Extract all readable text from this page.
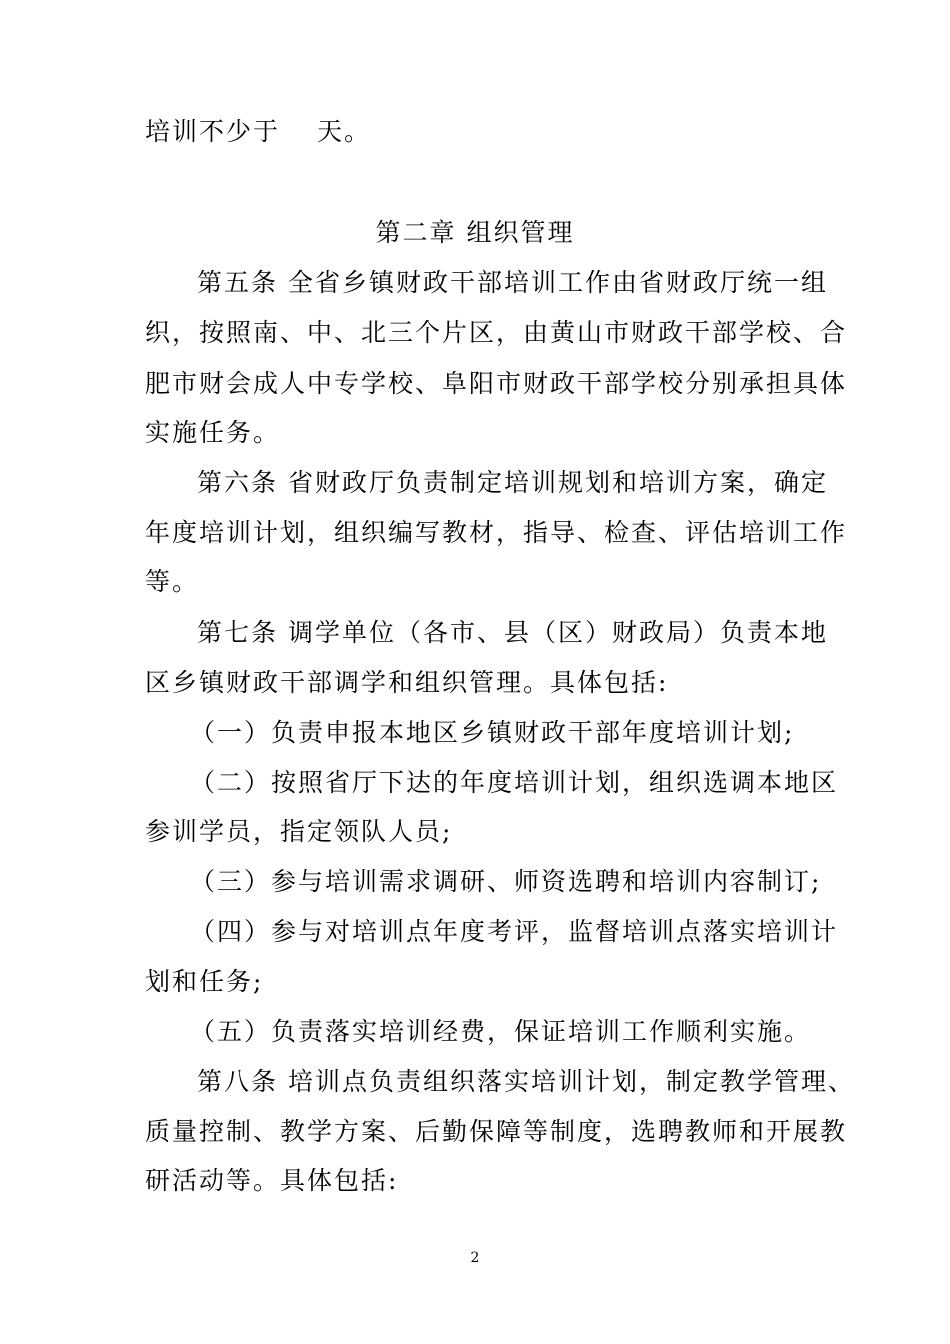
培训不少于　 天。
第二章 组织管理
第五条 全省乡镇财政干部培训工作由省财政厅统一组
织，按照南、中、北三个片区，由黄山市财政干部学校、合
肥市财会成人中专学校、阜阳市财政干部学校分别承担具体
实施任务。
第六条 省财政厅负责制定培训规划和培训方案，确定
年度培训计划，组织编写教材，指导、检查、评估培训工作
等。
第七条 调学单位（各市、县（区）财政局）负责本地
区乡镇财政干部调学和组织管理。具体包括:
（一）负责申报本地区乡镇财政干部年度培训计划;
（二）按照省厅下达的年度培训计划，组织选调本地区
参训学员，指定领队人员;
（三）参与培训需求调研、师资选聘和培训内容制订;
（四）参与对培训点年度考评，监督培训点落实培训计
划和任务;
（五）负责落实培训经费，保证培训工作顺利实施。
第八条 培训点负责组织落实培训计划，制定教学管理、
质量控制、教学方案、后勤保障等制度，选聘教师和开展教
研活动等。具体包括:
2
